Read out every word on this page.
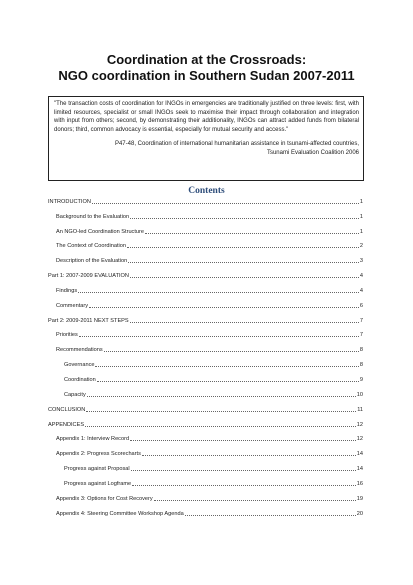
Coordination at the Crossroads:
NGO coordination in Southern Sudan 2007-2011
"The transaction costs of coordination for INGOs in emergencies are traditionally justified on three levels: first, with limited resources, specialist or small INGOs seek to maximise their impact through collaboration and integration with input from others; second, by demonstrating their additionality, INGOs can attract added funds from bilateral donors; third, common advocacy is essential, especially for mutual security and access."
P47-48, Coordination of international humanitarian assistance in tsunami-affected countries,
Tsunami Evaluation Coalition 2006
Contents
INTRODUCTION	1
Background to the Evaluation	1
An NGO-led Coordination Structure	1
The Context of Coordination	2
Description of the Evaluation	3
Part 1: 2007-2009 EVALUATION	4
Findings	4
Commentary	6
Part 2: 2009-2011 NEXT STEPS	7
Priorities	7
Recommendations	8
Governance	8
Coordination	9
Capacity	10
CONCLUSION	11
APPENDICES	12
Appendix 1: Interview Record	12
Appendix 2: Progress Scorecharts	14
Progress against Proposal	14
Progress against Logframe	16
Appendix 3: Options for Cost Recovery	19
Appendix 4: Steering Committee Workshop Agenda	20
